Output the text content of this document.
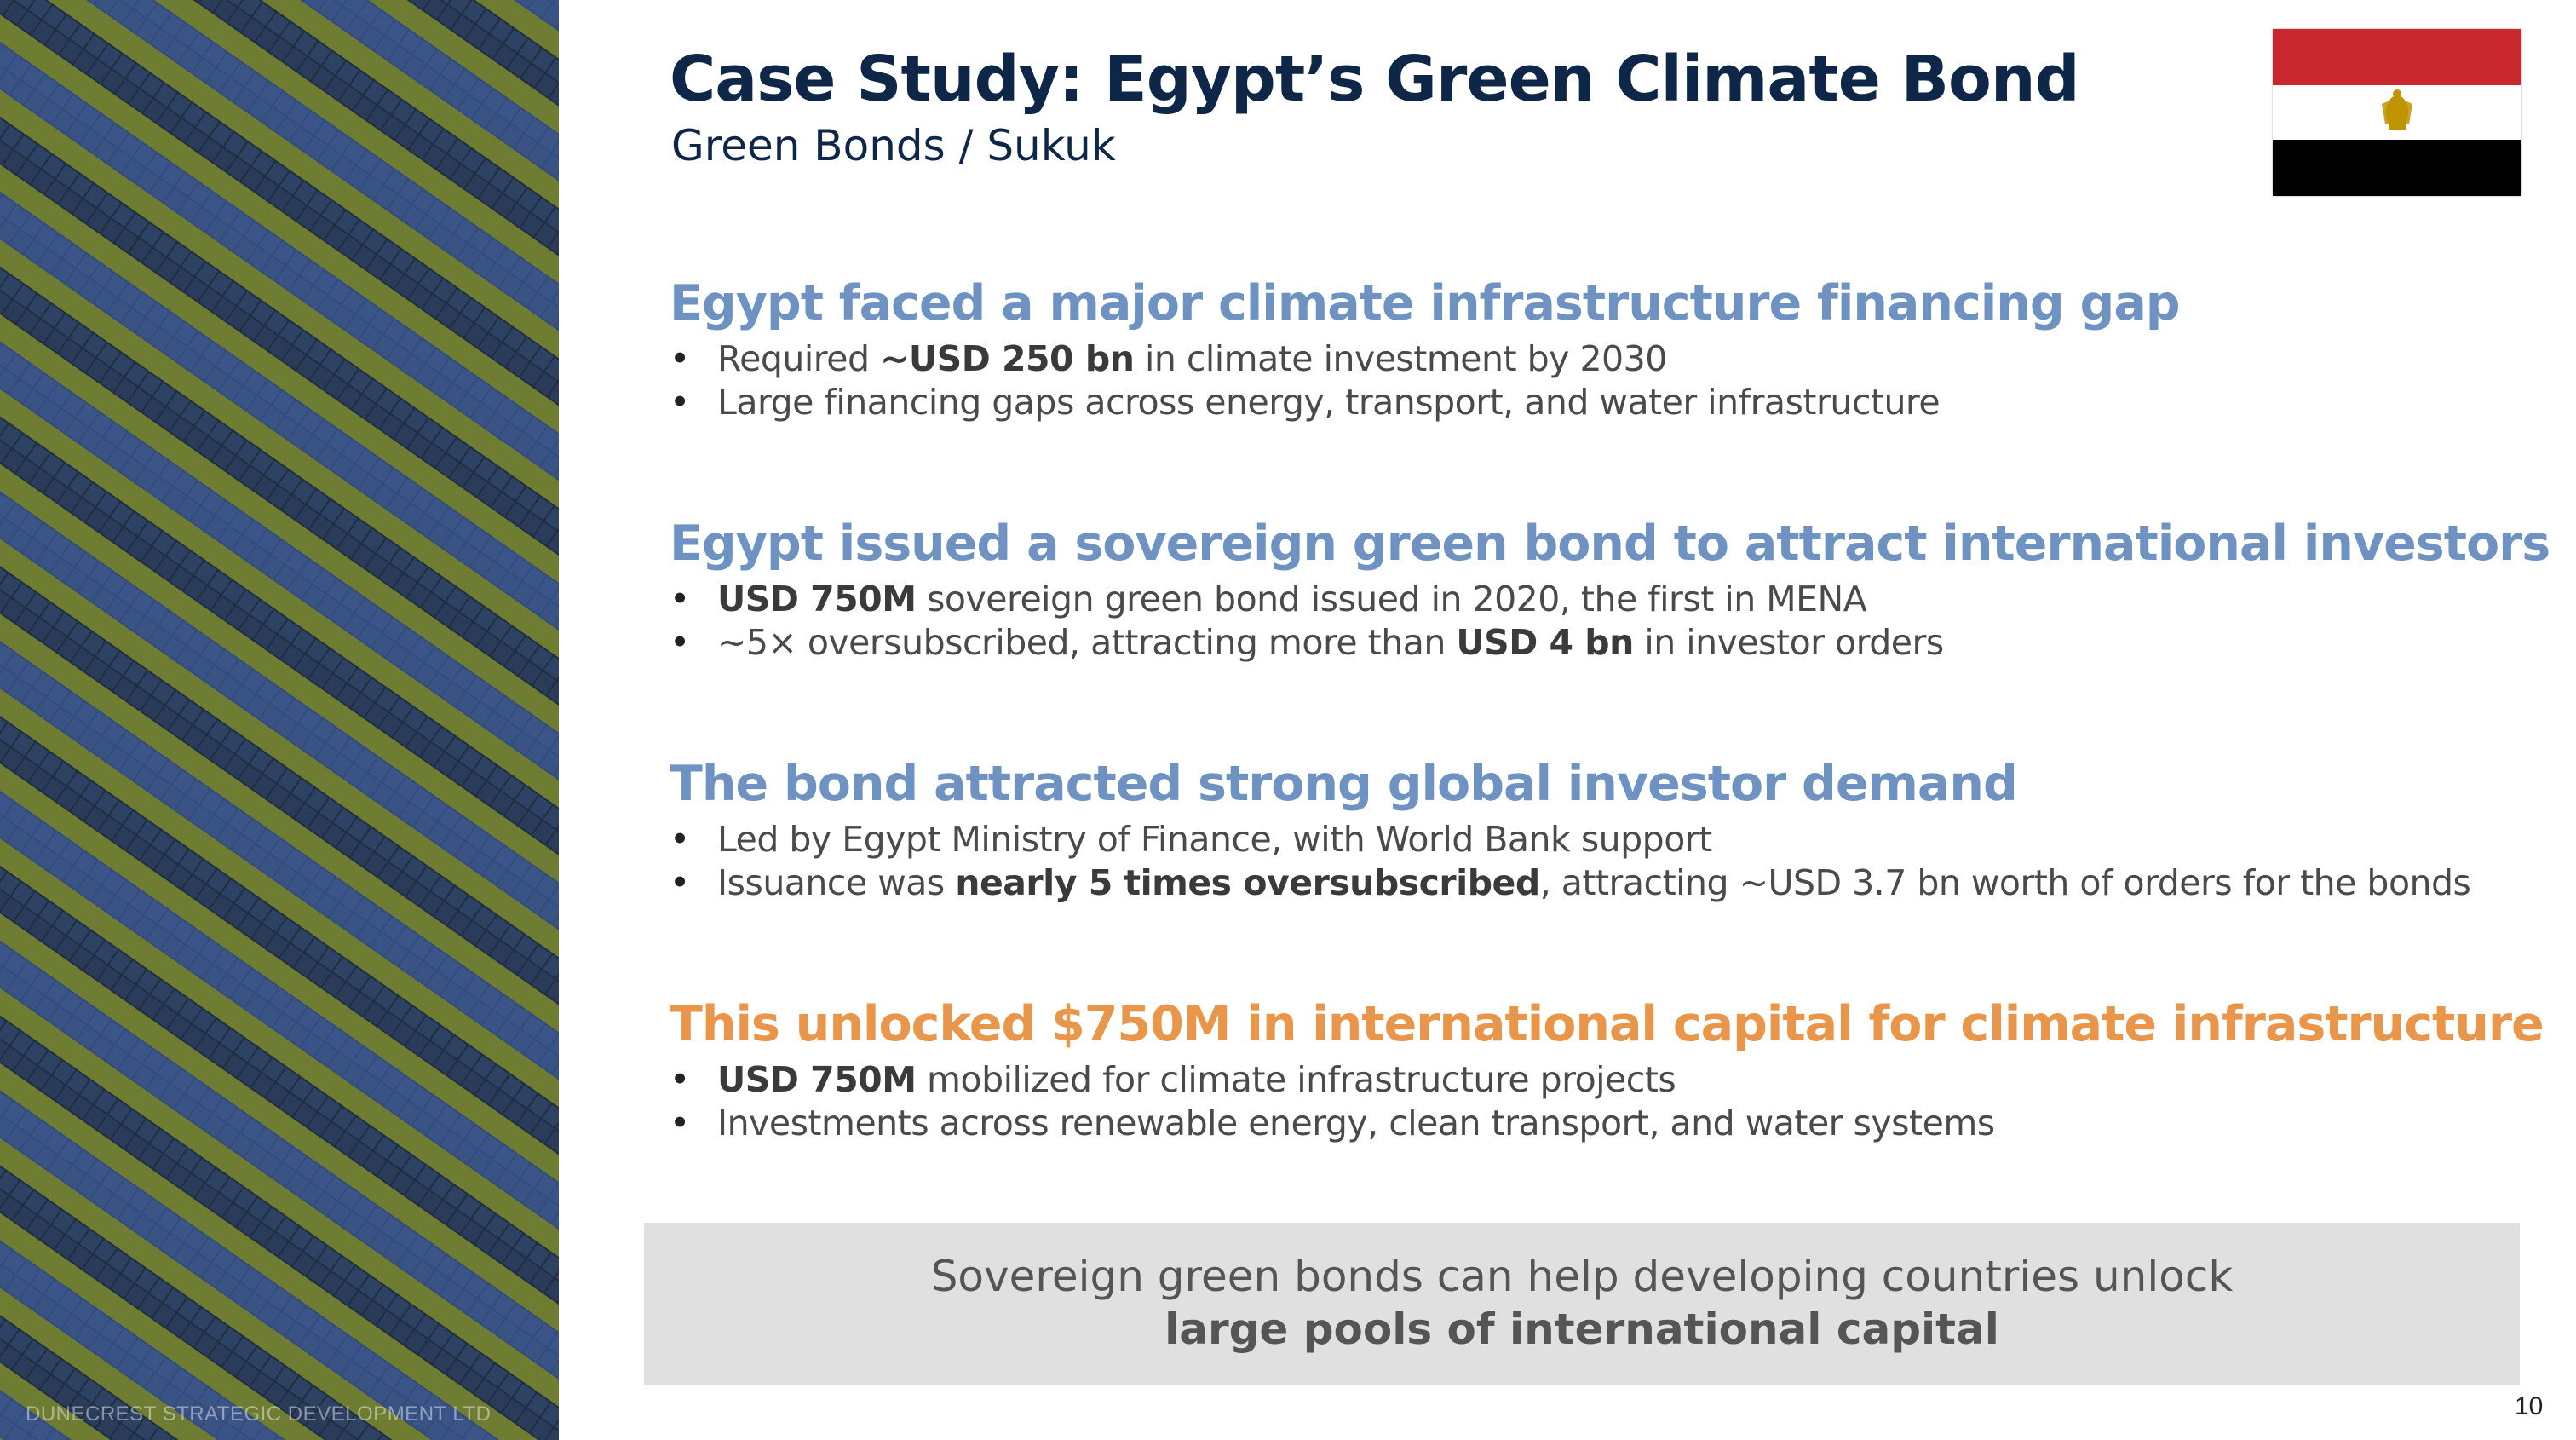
DUNECREST STRATEGIC DEVELOPMENT LTD
Case Study: Egypt’s Green Climate Bond
Green Bonds / Sukuk
Egypt faced a major climate infrastructure financing gap
• Required ~USD 250 bn in climate investment by 2030
• Large financing gaps across energy, transport, and water infrastructure
Egypt issued a sovereign green bond to attract international investors
• USD 750M sovereign green bond issued in 2020, the first in MENA
• ~5× oversubscribed, attracting more than USD 4 bn in investor orders
The bond attracted strong global investor demand
• Led by Egypt Ministry of Finance, with World Bank support
• Issuance was nearly 5 times oversubscribed, attracting ~USD 3.7 bn worth of orders for the bonds
This unlocked $750M in international capital for climate infrastructure
• USD 750M mobilized for climate infrastructure projects
• Investments across renewable energy, clean transport, and water systems
Sovereign green bonds can help developing countries unlock
large pools of international capital
10
